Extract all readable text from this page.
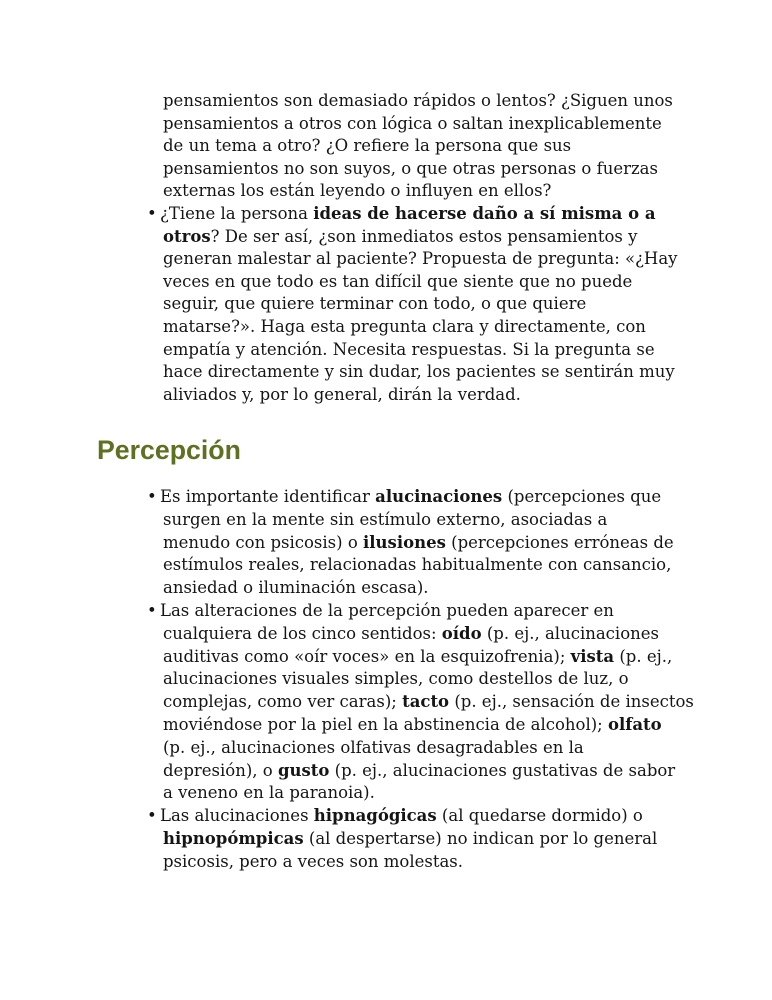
pensamientos son demasiado rápidos o lentos? ¿Siguen unos
pensamientos a otros con lógica o saltan inexplicablemente
de un tema a otro? ¿O refiere la persona que sus
pensamientos no son suyos, o que otras personas o fuerzas
externas los están leyendo o influyen en ellos?
• ¿Tiene la persona ideas de hacerse daño a sí misma o a
otros? De ser así, ¿son inmediatos estos pensamientos y
generan malestar al paciente? Propuesta de pregunta: «¿Hay
veces en que todo es tan difícil que siente que no puede
seguir, que quiere terminar con todo, o que quiere
matarse?». Haga esta pregunta clara y directamente, con
empatía y atención. Necesita respuestas. Si la pregunta se
hace directamente y sin dudar, los pacientes se sentirán muy
aliviados y, por lo general, dirán la verdad.
Percepción
• Es importante identificar alucinaciones (percepciones que
surgen en la mente sin estímulo externo, asociadas a
menudo con psicosis) o ilusiones (percepciones erróneas de
estímulos reales, relacionadas habitualmente con cansancio,
ansiedad o iluminación escasa).
• Las alteraciones de la percepción pueden aparecer en
cualquiera de los cinco sentidos: oído (p. ej., alucinaciones
auditivas como «oír voces» en la esquizofrenia); vista (p. ej.,
alucinaciones visuales simples, como destellos de luz, o
complejas, como ver caras); tacto (p. ej., sensación de insectos
moviéndose por la piel en la abstinencia de alcohol); olfato
(p. ej., alucinaciones olfativas desagradables en la
depresión), o gusto (p. ej., alucinaciones gustativas de sabor
a veneno en la paranoia).
• Las alucinaciones hipnagógicas (al quedarse dormido) o
hipnopómpicas (al despertarse) no indican por lo general
psicosis, pero a veces son molestas.
